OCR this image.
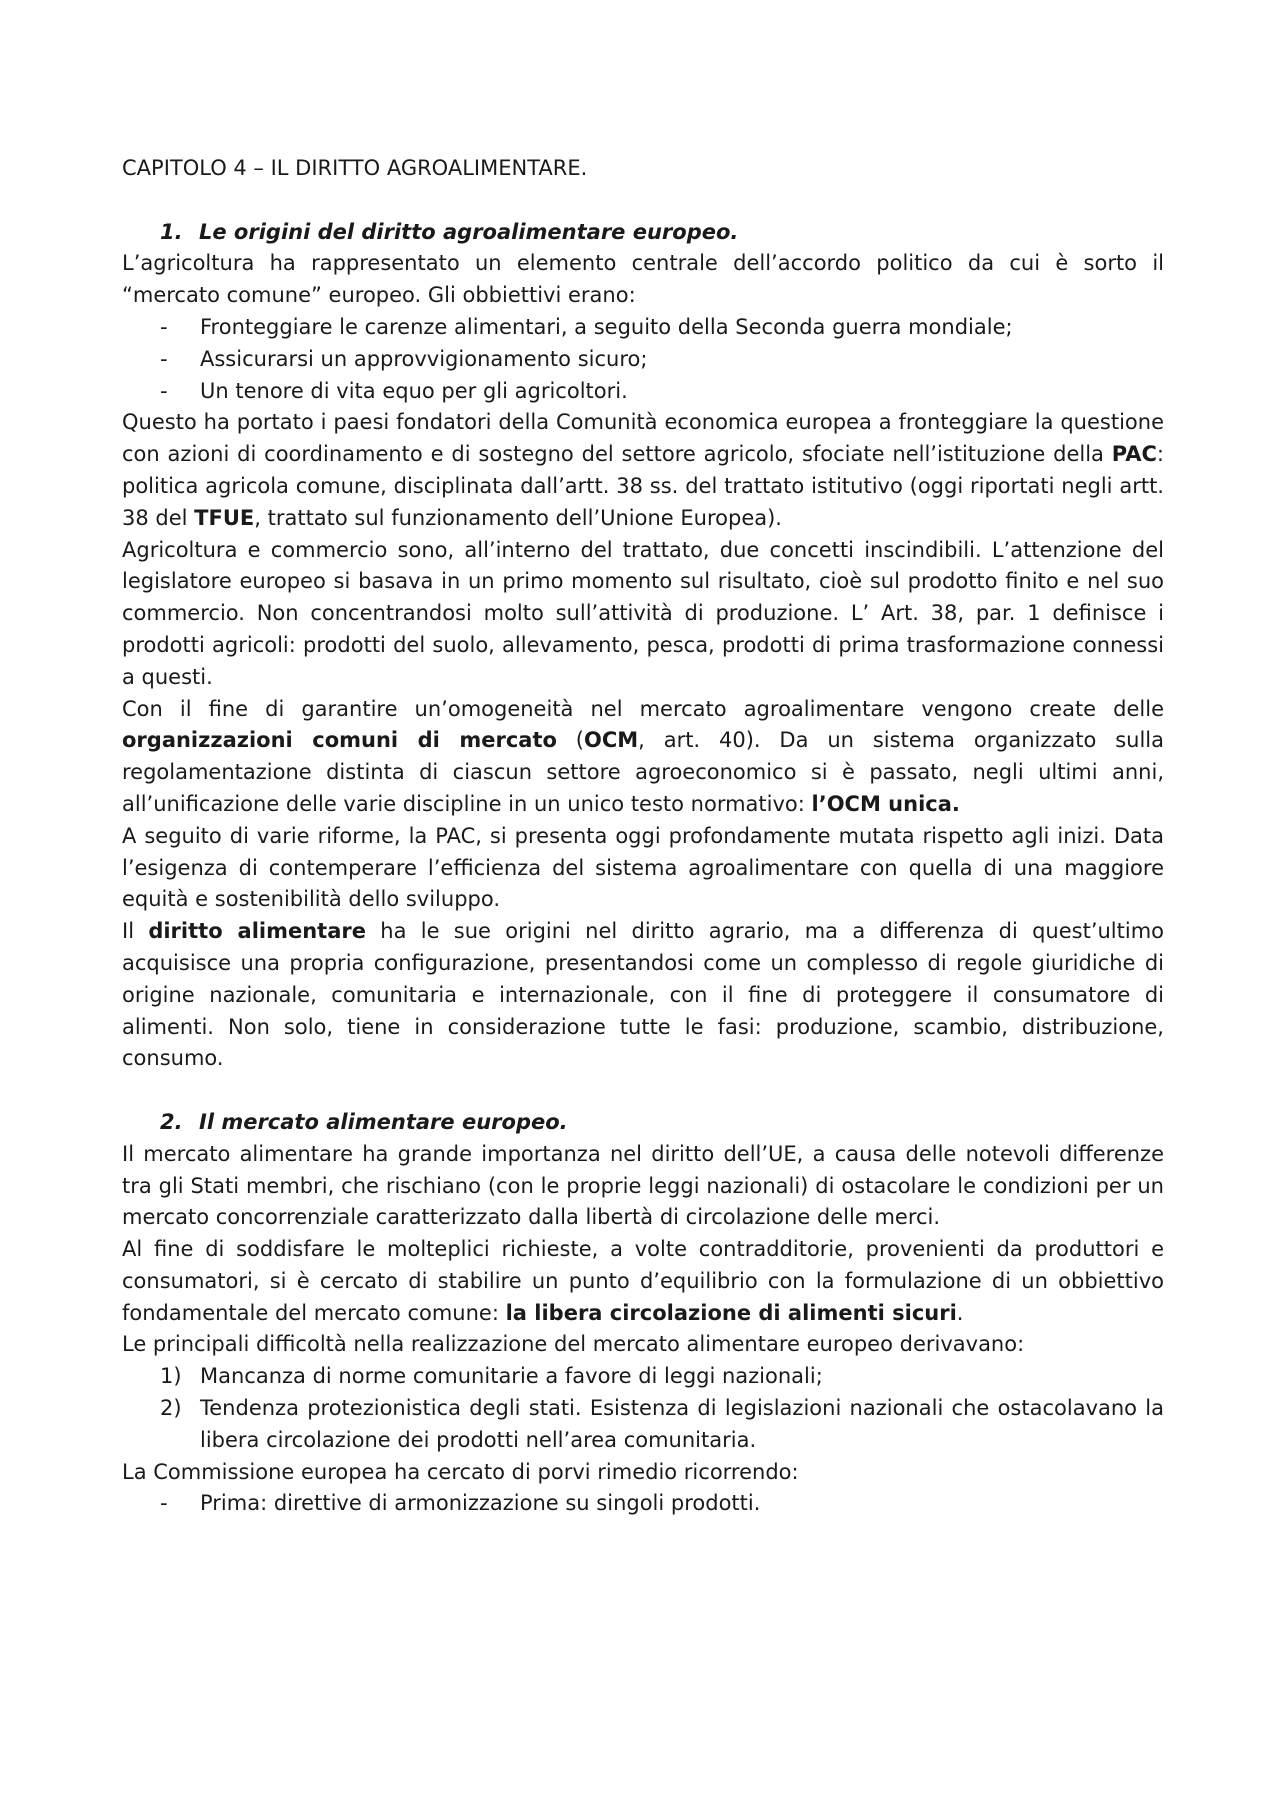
CAPITOLO 4 – IL DIRITTO AGROALIMENTARE.
1. Le origini del diritto agroalimentare europeo.

L’agricoltura ha rappresentato un elemento centrale dell’accordo politico da cui è sorto il “mercato comune” europeo. Gli obbiettivi erano:

-	Fronteggiare le carenze alimentari, a seguito della Seconda guerra mondiale;
-	Assicurarsi un approvvigionamento sicuro;
-	Un tenore di vita equo per gli agricoltori.

Questo ha portato i paesi fondatori della Comunità economica europea a fronteggiare la questione con azioni di coordinamento e di sostegno del settore agricolo, sfociate nell’istituzione della PAC: politica agricola comune, disciplinata dall’artt. 38 ss. del trattato istitutivo (oggi riportati negli artt. 38 del TFUE, trattato sul funzionamento dell’Unione Europea).

Agricoltura e commercio sono, all’interno del trattato, due concetti inscindibili. L’attenzione del legislatore europeo si basava in un primo momento sul risultato, cioè sul prodotto finito e nel suo commercio. Non concentrandosi molto sull’attività di produzione. L’ Art. 38, par. 1 definisce i prodotti agricoli: prodotti del suolo, allevamento, pesca, prodotti di prima trasformazione connessi a questi.

Con il fine di garantire un’omogeneità nel mercato agroalimentare vengono create delle organizzazioni comuni di mercato (OCM, art. 40). Da un sistema organizzato sulla regolamentazione distinta di ciascun settore agroeconomico si è passato, negli ultimi anni, all’unificazione delle varie discipline in un unico testo normativo: l’OCM unica.

A seguito di varie riforme, la PAC, si presenta oggi profondamente mutata rispetto agli inizi. Data l’esigenza di contemperare l’efficienza del sistema agroalimentare con quella di una maggiore equità e sostenibilità dello sviluppo.

Il diritto alimentare ha le sue origini nel diritto agrario, ma a differenza di quest’ultimo acquisisce una propria configurazione, presentandosi come un complesso di regole giuridiche di origine nazionale, comunitaria e internazionale, con il fine di proteggere il consumatore di alimenti. Non solo, tiene in considerazione tutte le fasi: produzione, scambio, distribuzione, consumo.

2. Il mercato alimentare europeo.

Il mercato alimentare ha grande importanza nel diritto dell’UE, a causa delle notevoli differenze tra gli Stati membri, che rischiano (con le proprie leggi nazionali) di ostacolare le condizioni per un mercato concorrenziale caratterizzato dalla libertà di circolazione delle merci.

Al fine di soddisfare le molteplici richieste, a volte contradditorie, provenienti da produttori e consumatori, si è cercato di stabilire un punto d’equilibrio con la formulazione di un obbiettivo fondamentale del mercato comune: la libera circolazione di alimenti sicuri.

Le principali difficoltà nella realizzazione del mercato alimentare europeo derivavano:

1) Mancanza di norme comunitarie a favore di leggi nazionali;
2) Tendenza protezionistica degli stati. Esistenza di legislazioni nazionali che ostacolavano la libera circolazione dei prodotti nell’area comunitaria.

La Commissione europea ha cercato di porvi rimedio ricorrendo:

-	Prima: direttive di armonizzazione su singoli prodotti.
